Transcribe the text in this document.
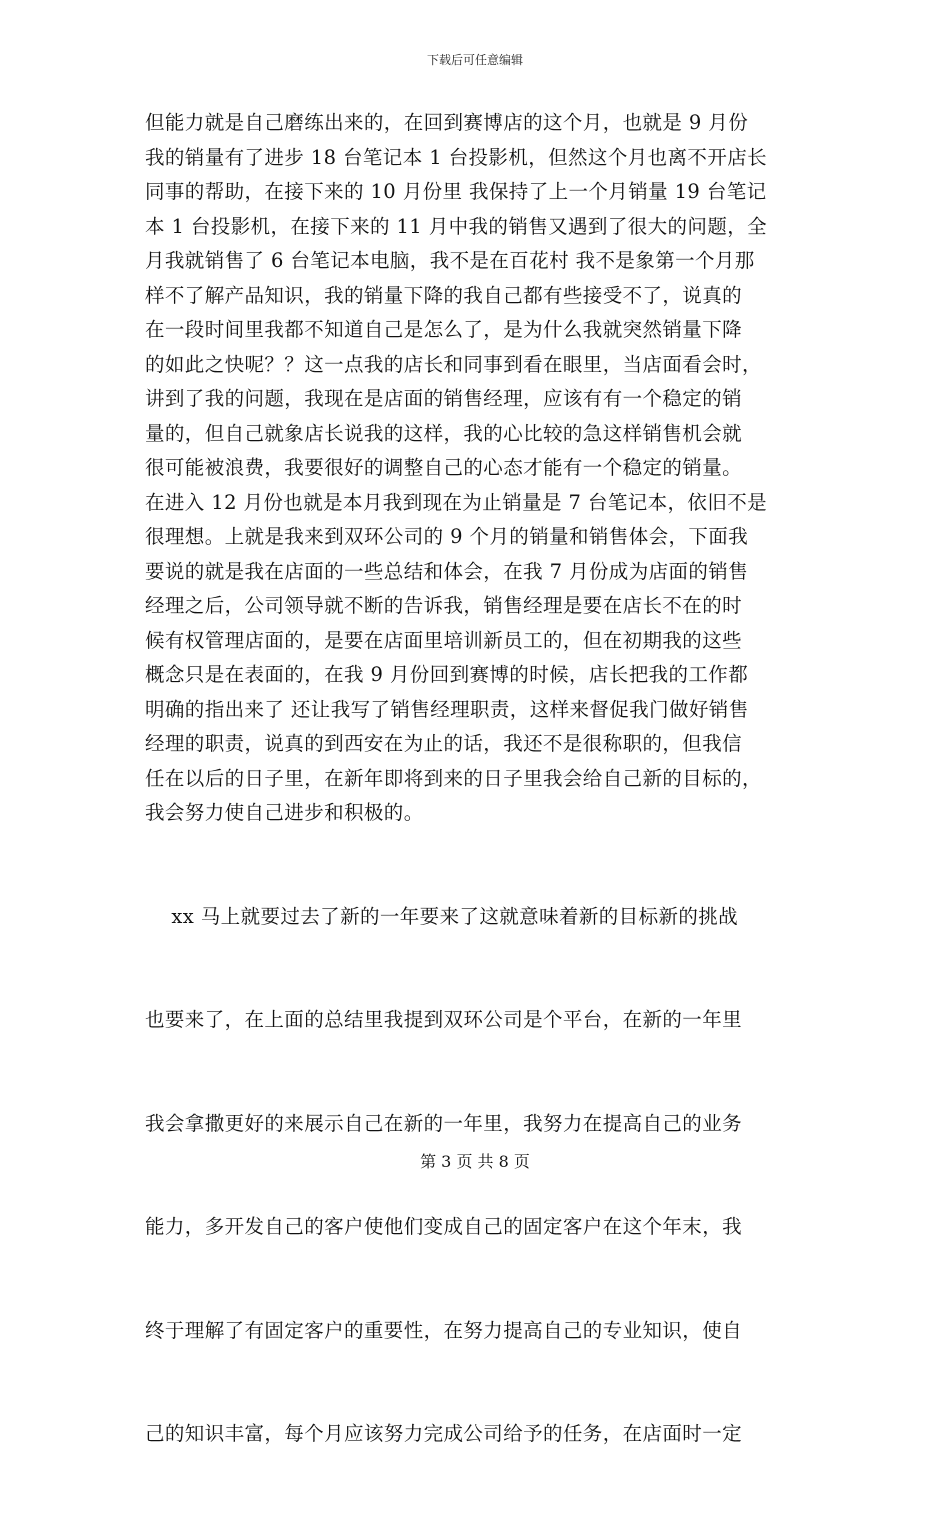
下载后可任意编辑

但能力就是自己磨练出来的，在回到赛博店的这个月，也就是 9 月份
我的销量有了进步 18 台笔记本 1 台投影机，但然这个月也离不开店长
同事的帮助，在接下来的 10 月份里 我保持了上一个月销量 19 台笔记
本 1 台投影机，在接下来的 11 月中我的销售又遇到了很大的问题，全
月我就销售了 6 台笔记本电脑，我不是在百花村 我不是象第一个月那
样不了解产品知识，我的销量下降的我自己都有些接受不了，说真的
在一段时间里我都不知道自己是怎么了，是为什么我就突然销量下降
的如此之快呢？？这一点我的店长和同事到看在眼里，当店面看会时，
讲到了我的问题，我现在是店面的销售经理，应该有有一个稳定的销
量的，但自己就象店长说我的这样，我的心比较的急这样销售机会就
很可能被浪费，我要很好的调整自己的心态才能有一个稳定的销量。
在进入 12 月份也就是本月我到现在为止销量是 7 台笔记本，依旧不是
很理想。上就是我来到双环公司的 9 个月的销量和销售体会，下面我
要说的就是我在店面的一些总结和体会，在我 7 月份成为店面的销售
经理之后，公司领导就不断的告诉我，销售经理是要在店长不在的时
候有权管理店面的，是要在店面里培训新员工的，但在初期我的这些
概念只是在表面的，在我 9 月份回到赛博的时候，店长把我的工作都
明确的指出来了 还让我写了销售经理职责，这样来督促我门做好销售
经理的职责，说真的到西安在为止的话，我还不是很称职的，但我信
任在以后的日子里，在新年即将到来的日子里我会给自己新的目标的，
我会努力使自己进步和积极的。

xx 马上就要过去了新的一年要来了这就意味着新的目标新的挑战

也要来了，在上面的总结里我提到双环公司是个平台，在新的一年里

我会拿撒更好的来展示自己在新的一年里，我努力在提高自己的业务

能力，多开发自己的客户使他们变成自己的固定客户在这个年末，我

终于理解了有固定客户的重要性，在努力提高自己的专业知识，使自

己的知识丰富，每个月应该努力完成公司给予的任务，在店面时一定

第 3 页 共 8 页
